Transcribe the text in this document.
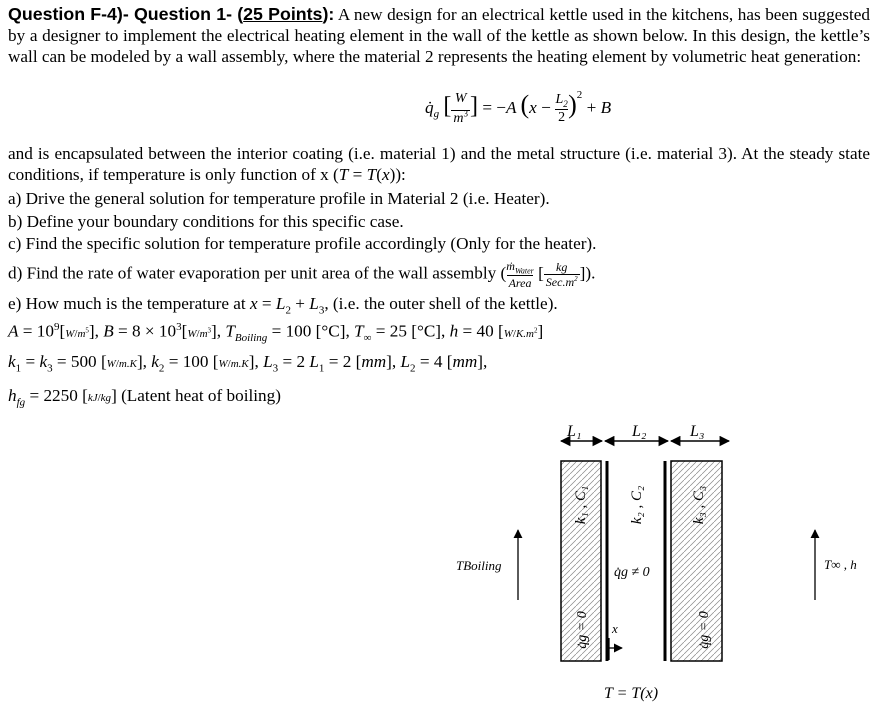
Question F-4)- Question 1- (25 Points): A new design for an electrical kettle used in the kitchens, has been suggested by a designer to implement the electrical heating element in the wall of the kettle as shown below. In this design, the kettle’s wall can be modeled by a wall assembly, where the material 2 represents the heating element by volumetric heat generation:

$q̇_g$ $[\frac{W}{m^3}] = -A$ $(x - \frac{L_2}{2})^2 + B$

and is encapsulated between the interior coating (i.e. material 1) and the metal structure (i.e. material 3). At the steady state conditions, if temperature is only function of x (T = T(x)):

a) Drive the general solution for temperature profile in Material 2 (i.e. Heater).
b) Define your boundary conditions for this specific case.
c) Find the specific solution for temperature profile accordingly (Only for the heater).
d) Find the rate of water evaporation per unit area of the wall assembly (ṁ$_{Water}$
Area [ kg
$Sec.m^2$ ]).
e) How much is the temperature at $x = L_2 + L_3$, (i.e. the outer shell of the kettle).
$A = 10^9[W/m^5]$, $B = 8 \times 10^3[W/m^3]$, $T_{Boiling} = 100$ [°C], $T_\infty = 25$ [°C], h = 40 $[W/K.m^2]$
$k_1 = k_3 = 500$ [W/m.K], $k_2 = 100$ [W/m.K], $L_3 = 2$ $L_1 = 2$ [mm], $L_2 = 4$ [mm],
$h_{fg} = 2250$ [kJ/kg] (Latent heat of boiling)
L₁	L₂	L₃
k₁ , C₁	k₂ , C₂	k₃ , C₃
q̇g ≠ 0
q̇g = 0	q̇g = 0
x
TBoiling	T∞ , h
T = T(x)
